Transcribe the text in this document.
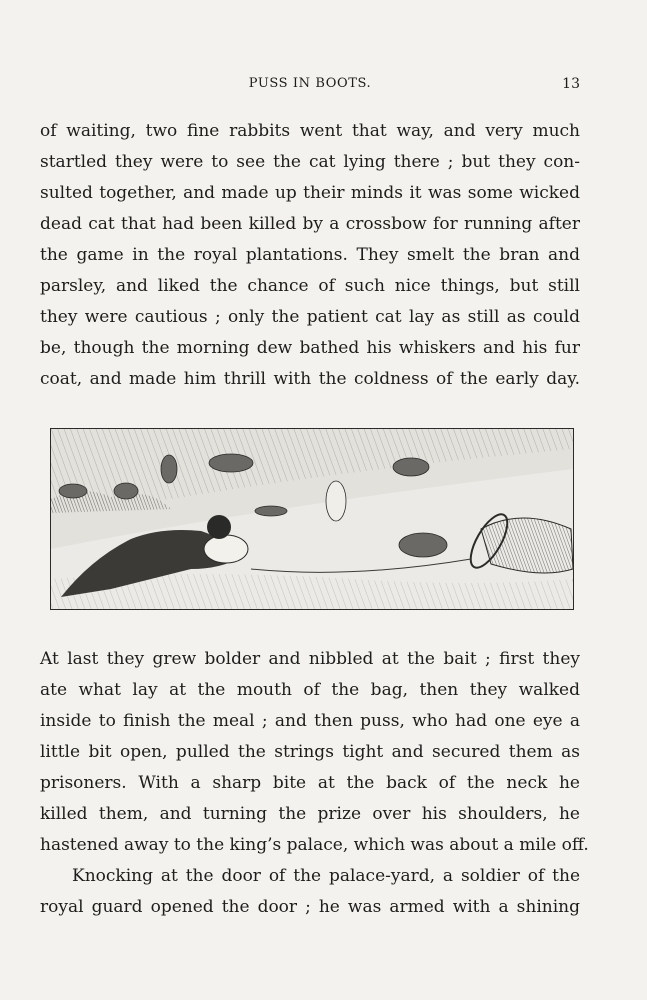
PUSS IN BOOTS.	13
of waiting, two fine rabbits went that way, and very much
startled they were to see the cat lying there ; but they con-
sulted together, and made up their minds it was some wicked
dead cat that had been killed by a crossbow for running after
the game in the royal plantations. They smelt the bran and
parsley, and liked the chance of such nice things, but still
they were cautious ; only the patient cat lay as still as could
be, though the morning dew bathed his whiskers and his fur
coat, and made him thrill with the coldness of the early day.
At last they grew bolder and nibbled at the bait ; first they
ate what lay at the mouth of the bag, then they walked
inside to finish the meal ; and then puss, who had one eye a
little bit open, pulled the strings tight and secured them as
prisoners. With a sharp bite at the back of the neck he
killed them, and turning the prize over his shoulders, he
hastened away to the king’s palace, which was about a mile off.
Knocking at the door of the palace-yard, a soldier of the
royal guard opened the door ; he was armed with a shining
